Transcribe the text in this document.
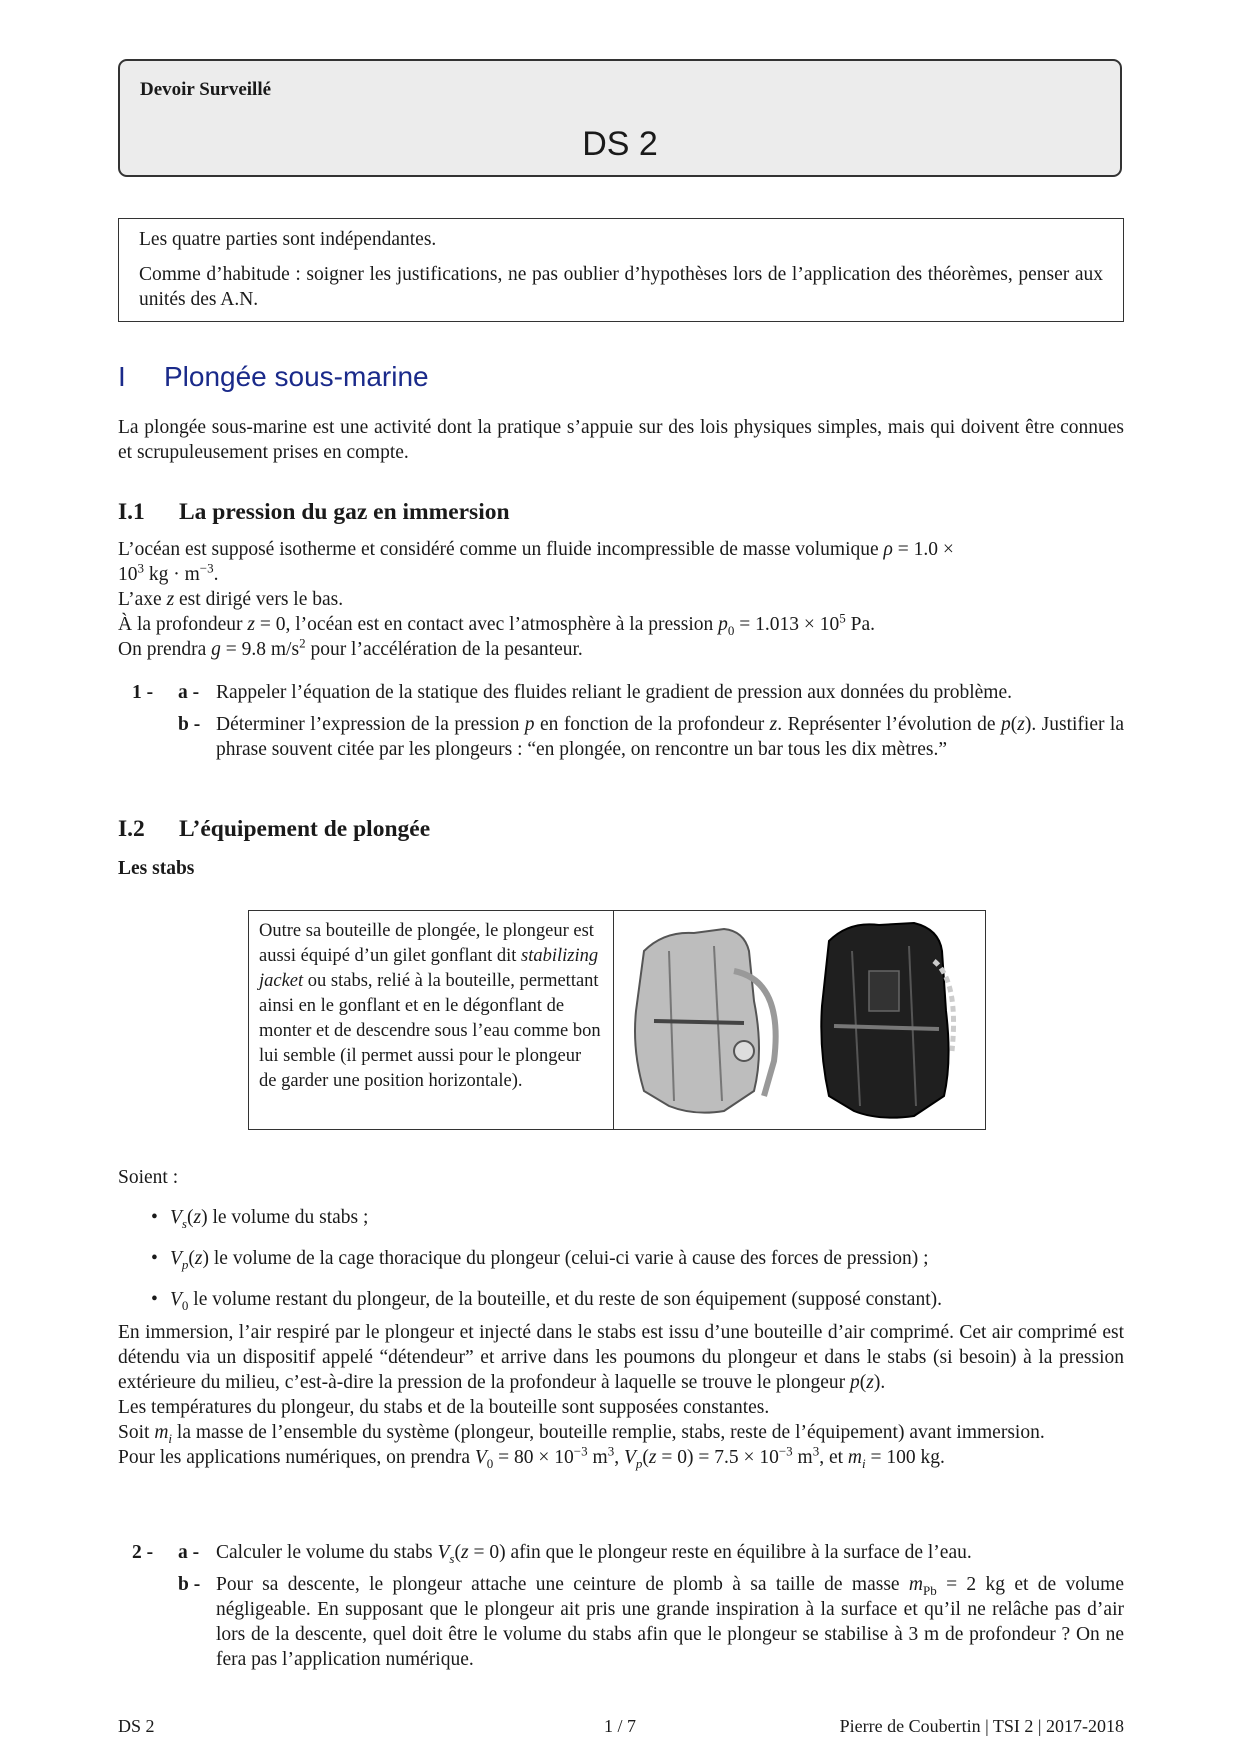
Devoir Surveillé
DS 2

Les quatre parties sont indépendantes.

Comme d’habitude : soigner les justifications, ne pas oublier d’hypothèses lors de l’application des théorèmes, penser aux unités des A.N.

I Plongée sous-marine
La plongée sous-marine est une activité dont la pratique s’appuie sur des lois physiques simples, mais qui doivent être connues et scrupuleusement prises en compte.
I.1 La pression du gaz en immersion

L’océan est supposé isotherme et considéré comme un fluide incompressible de masse volumique ρ = 1.0 ×
$10^3$ kg · $m^{-3}$.

L’axe z est dirigé vers le bas.

À la profondeur z = 0, l’océan est en contact avec l’atmosphère à la pression $p_0 = 1.013 \times 10^5$ Pa.

On prendra g = 9.8 $m/s^2$ pour l’accélération de la pesanteur.

1 - a - Rappeler l’équation de la statique des fluides reliant le gradient de pression aux données du problème.
b - Déterminer l’expression de la pression p en fonction de la profondeur z. Représenter l’évolution de p(z). Justifier la phrase souvent citée par les plongeurs : “en plongée, on rencontre un bar tous les dix mètres.”
I.2 L’équipement de plongée
Les stabs
Outre sa bouteille de plongée, le plongeur est aussi équipé d’un gilet gonflant dit stabilizing jacket ou stabs, relié à la bouteille, permettant ainsi en le gonflant et en le dégonflant de monter et de descendre sous l’eau comme bon lui semble (il permet aussi pour le plongeur de garder une position horizontale).
Soient :
• $V_s(z)$ le volume du stabs ;
• $V_p(z)$ le volume de la cage thoracique du plongeur (celui-ci varie à cause des forces de pression) ;
• $V_0$ le volume restant du plongeur, de la bouteille, et du reste de son équipement (supposé constant).

En immersion, l’air respiré par le plongeur et injecté dans le stabs est issu d’une bouteille d’air comprimé. Cet air comprimé est détendu via un dispositif appelé “détendeur” et arrive dans les poumons du plongeur et dans le stabs (si besoin) à la pression extérieure du milieu, c’est-à-dire la pression de la profondeur à laquelle se trouve le plongeur p(z).

Les températures du plongeur, du stabs et de la bouteille sont supposées constantes.

Soit $m_i$ la masse de l’ensemble du système (plongeur, bouteille remplie, stabs, reste de l’équipement) avant immersion.

Pour les applications numériques, on prendra $V_0 = 80 \times 10^{-3}$ $m^3$, $V_p(z = 0) = 7.5 \times 10^{-3}$ $m^3$, et $m_i = 100$ kg.

2 - a - Calculer le volume du stabs $V_s(z = 0)$ afin que le plongeur reste en équilibre à la surface de l’eau.
b - Pour sa descente, le plongeur attache une ceinture de plomb à sa taille de masse $m_{Pb} = 2$ kg et de volume négligeable. En supposant que le plongeur ait pris une grande inspiration à la surface et qu’il ne relâche pas d’air lors de la descente, quel doit être le volume du stabs afin que le plongeur se stabilise à 3 m de profondeur ? On ne fera pas l’application numérique.
DS 2	1 / 7	Pierre de Coubertin | TSI 2 | 2017-2018
